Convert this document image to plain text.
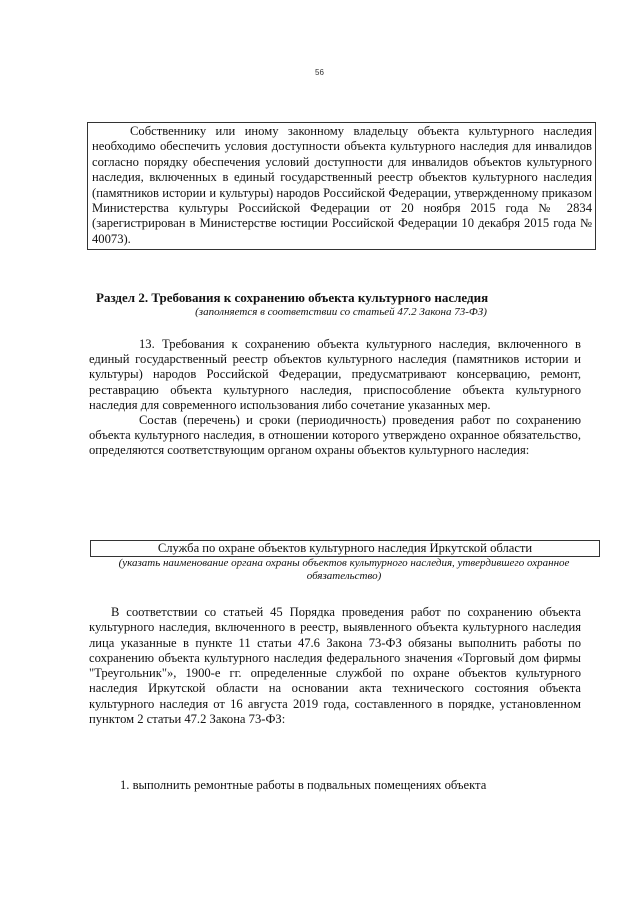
56

Собственнику или иному законному владельцу объекта культурного наследия необходимо обеспечить условия доступности объекта культурного наследия для инвалидов согласно порядку обеспечения условий доступности для инвалидов объектов культурного наследия, включенных в единый государственный реестр объектов культурного наследия (памятников истории и культуры) народов Российской Федерации, утвержденному приказом Министерства культуры Российской Федерации от 20 ноября 2015 года № 2834 (зарегистрирован в Министерстве юстиции Российской Федерации 10 декабря 2015 года № 40073).

Раздел 2. Требования к сохранению объекта культурного наследия
(заполняется в соответствии со статьей 47.2 Закона 73-ФЗ)

13. Требования к сохранению объекта культурного наследия, включенного в единый государственный реестр объектов культурного наследия (памятников истории и культуры) народов Российской Федерации, предусматривают консервацию, ремонт, реставрацию объекта культурного наследия, приспособление объекта культурного наследия для современного использования либо сочетание указанных мер.

Состав (перечень) и сроки (периодичность) проведения работ по сохранению объекта культурного наследия, в отношении которого утверждено охранное обязательство, определяются соответствующим органом охраны объектов культурного наследия:

Служба по охране объектов культурного наследия Иркутской области
(указать наименование органа охраны объектов культурного наследия, утвердившего охранное обязательство)

В соответствии со статьей 45 Порядка проведения работ по сохранению объекта культурного наследия, включенного в реестр, выявленного объекта культурного наследия лица указанные в пункте 11 статьи 47.6 Закона 73-ФЗ обязаны выполнить работы по сохранению объекта культурного наследия федерального значения «Торговый дом фирмы "Треугольник"», 1900-е гг. определенные службой по охране объектов культурного наследия Иркутской области на основании акта технического состояния объекта культурного наследия от 16 августа 2019 года, составленного в порядке, установленном пунктом 2 статьи 47.2 Закона 73-ФЗ:

1. выполнить ремонтные работы в подвальных помещениях объекта
